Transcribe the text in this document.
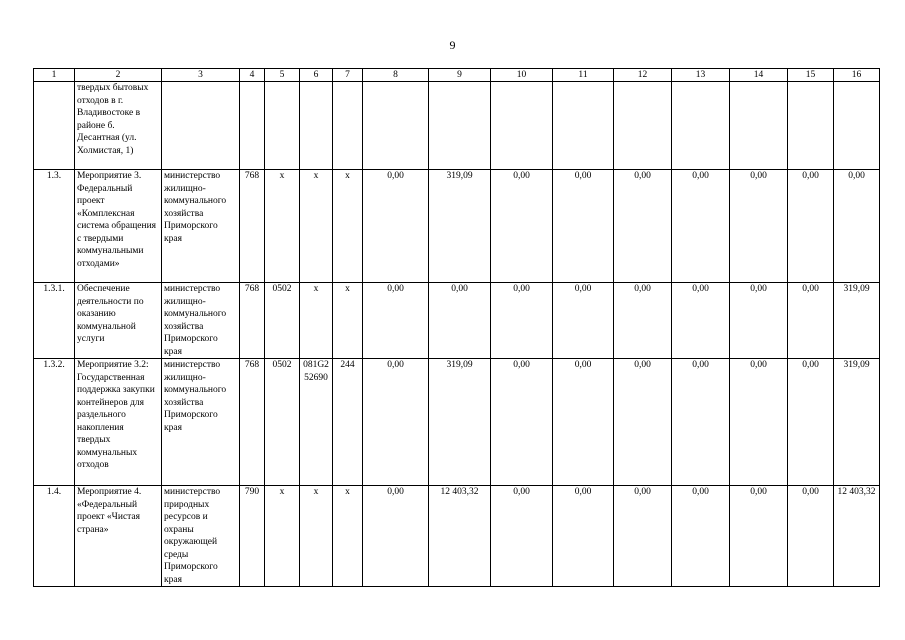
9
1	2	3	4	5	6	7	8	9	10	11	12	13	14	15	16
	твердых бытовых отходов в г. Владивостоке в районе б. Десантная (ул. Холмистая, 1)														
1.3.	Мероприятие 3. Федеральный проект «Комплексная система обращения с твердыми коммунальными отходами»	министерство жилищно-коммунального хозяйства Приморского края	768	х	х	х	0,00	319,09	0,00	0,00	0,00	0,00	0,00	0,00	0,00
1.3.1.	Обеспечение деятельности по оказанию коммунальной услуги	министерство жилищно-коммунального хозяйства Приморского края	768	0502	х	х	0,00	0,00	0,00	0,00	0,00	0,00	0,00	0,00	319,09
1.3.2.	Мероприятие 3.2: Государственная поддержка закупки контейнеров для раздельного накопления твердых коммунальных отходов	министерство жилищно-коммунального хозяйства Приморского края	768	0502	081G2 52690	244	0,00	319,09	0,00	0,00	0,00	0,00	0,00	0,00	319,09
1.4.	Мероприятие 4. «Федеральный проект «Чистая страна»	министерство природных ресурсов и охраны окружающей среды Приморского края	790	х	х	х	0,00	12 403,32	0,00	0,00	0,00	0,00	0,00	0,00	12 403,32
